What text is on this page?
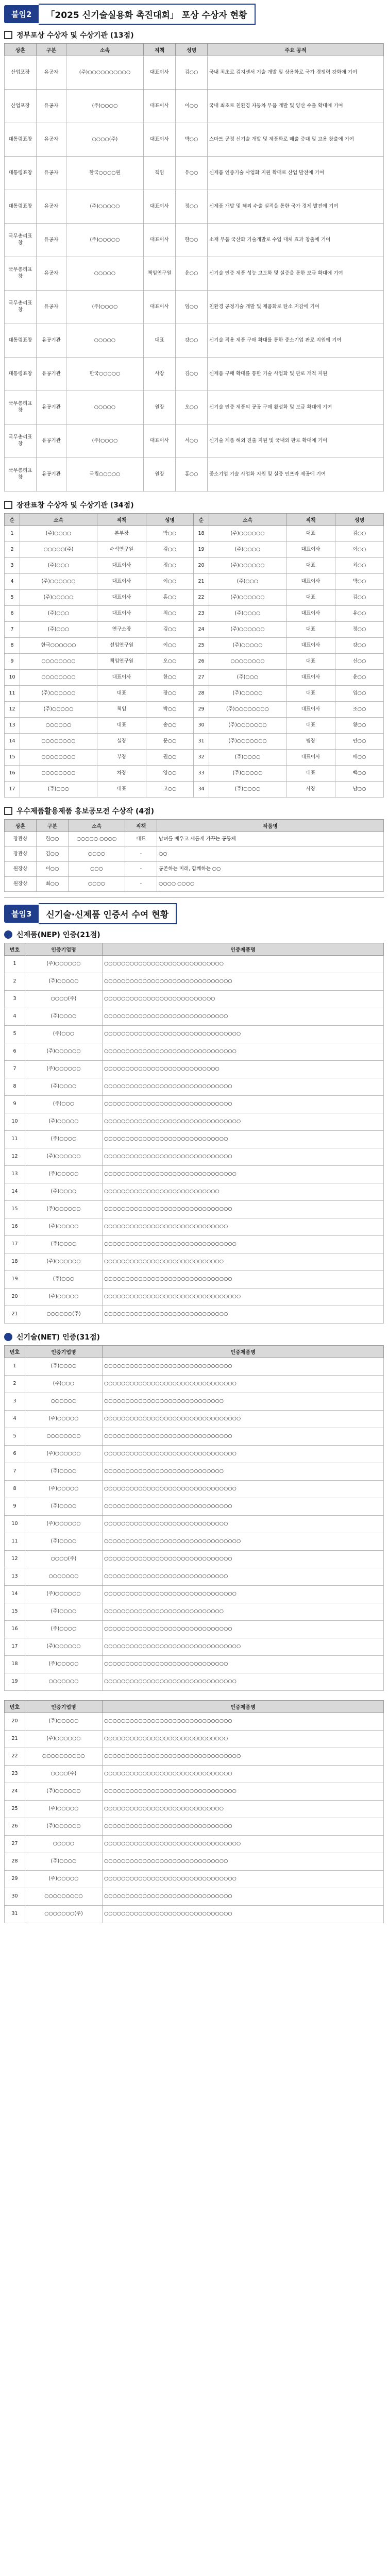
붙임2	「2025 신기술실용화 촉진대회」 포상 수상자 현황
정부포상 수상자 및 수상기관 (13점)
상훈	구분	소속	직책	성명	주요 공적
산업포장	유공자	(주)○○○○○○○○○○	대표이사	김○○	국내 최초로 검지센서 기술 개발 및 상용화로 국가 경쟁력 강화에 기여
산업포장	유공자	(주)○○○○	대표이사	이○○	국내 최초로 친환경 자동차 부품 개발 및 양산 수출 확대에 기여
대통령표창	유공자	○○○○(주)	대표이사	박○○	스마트 공정 신기술 개발 및 제품화로 매출 증대 및 고용 창출에 기여
대통령표창	유공자	한국○○○○원	책임	유○○	신제품 인증기술 사업화 지원 확대로 산업 발전에 기여
대통령표창	유공자	(주)○○○○○	대표이사	정○○	신제품 개발 및 해외 수출 실적을 통한 국가 경제 발전에 기여
국무총리표창	유공자	(주)○○○○○	대표이사	한○○	소재 부품 국산화 기술개발로 수입 대체 효과 창출에 기여
국무총리표창	유공자	○○○○○	책임연구원	윤○○	신기술 인증 제품 성능 고도화 및 실증을 통한 보급 확대에 기여
국무총리표창	유공자	(주)○○○○	대표이사	임○○	친환경 공정기술 개발 및 제품화로 탄소 저감에 기여
대통령표창	유공기관	○○○○○	대표	강○○	신기술 적용 제품 구매 확대를 통한 중소기업 판로 지원에 기여
대통령표창	유공기관	한국○○○○○	사장	김○○	신제품 구매 확대를 통한 기술 사업화 및 판로 개척 지원
국무총리표창	유공기관	○○○○○	원장	오○○	신기술 인증 제품의 공공 구매 활성화 및 보급 확대에 기여
국무총리표창	유공기관	(주)○○○○	대표이사	서○○	신기술 제품 해외 진출 지원 및 국내외 판로 확대에 기여
국무총리표창	유공기관	국립○○○○○	원장	홍○○	중소기업 기술 사업화 지원 및 실증 인프라 제공에 기여
장관표창 수상자 및 수상기관 (34점)
순	소속	직책	성명	순	소속	직책	성명
1	(주)○○○○	본부장	박○○	18	(주)○○○○○○	대표	김○○
2	○○○○○(주)	수석연구원	김○○	19	(주)○○○○	대표이사	이○○
3	(주)○○○	대표이사	정○○	20	(주)○○○○○○	대표	최○○
4	(주)○○○○○○	대표이사	이○○	21	(주)○○○	대표이사	박○○
5	(주)○○○○○	대표이사	홍○○	22	(주)○○○○○○	대표	김○○
6	(주)○○○	대표이사	최○○	23	(주)○○○○	대표이사	유○○
7	(주)○○○	연구소장	김○○	24	(주)○○○○○○	대표	정○○
8	한국○○○○○○	선임연구원	이○○	25	(주)○○○○○	대표이사	강○○
9	○○○○○○○○	책임연구원	오○○	26	○○○○○○○○	대표	신○○
10	○○○○○○○○	대표이사	한○○	27	(주)○○○	대표이사	윤○○
11	(주)○○○○○○	대표	장○○	28	(주)○○○○○	대표	임○○
12	(주)○○○○○	책임	박○○	29	(주)○○○○○○○○	대표이사	조○○
13	○○○○○○	대표	송○○	30	(주)○○○○○○○	대표	황○○
14	○○○○○○○○	실장	문○○	31	(주)○○○○○○○	팀장	안○○
15	○○○○○○○○	부장	권○○	32	(주)○○○○	대표이사	배○○
16	○○○○○○○○	차장	양○○	33	(주)○○○○○	대표	백○○
17	(주)○○○	대표	고○○	34	(주)○○○○	사장	남○○
우수제품활용제품 홍보공모전 수상작 (4점)
상훈	구분	소속	직책	작품명
장관상	한○○	○○○○○ ○○○○	대표	남녀를 배우고 새롭게 가꾸는 공동체
장관상	김○○	○○○○	-	○○
원장상	이○○	○○○	-	공존하는 미래, 함께하는 ○○
원장상	최○○	○○○○	-	○○○○ ○○○○
붙임3	신기술·신제품 인증서 수여 현황
신제품(NEP) 인증(21점)
번호	인증기업명	인증제품명
1	(주)○○○○○○	○○○○○○○○○○○○○○○○○○○○○○○○○○○○
2	(주)○○○○○	○○○○○○○○○○○○○○○○○○○○○○○○○○○○○○
3	○○○○(주)	○○○○○○○○○○○○○○○○○○○○○○○○○○
4	(주)○○○○	○○○○○○○○○○○○○○○○○○○○○○○○○○○○○
5	(주)○○○	○○○○○○○○○○○○○○○○○○○○○○○○○○○○○○○○
6	(주)○○○○○○	○○○○○○○○○○○○○○○○○○○○○○○○○○○○○○○
7	(주)○○○○○○	○○○○○○○○○○○○○○○○○○○○○○○○○○○
8	(주)○○○○	○○○○○○○○○○○○○○○○○○○○○○○○○○○○○○
9	(주)○○○	○○○○○○○○○○○○○○○○○○○○○○○○○○○○○○
10	(주)○○○○○	○○○○○○○○○○○○○○○○○○○○○○○○○○○○○○○○
11	(주)○○○○	○○○○○○○○○○○○○○○○○○○○○○○○○○○○○
12	(주)○○○○○○	○○○○○○○○○○○○○○○○○○○○○○○○○○○○○○
13	(주)○○○○○	○○○○○○○○○○○○○○○○○○○○○○○○○○○○○○○
14	(주)○○○○	○○○○○○○○○○○○○○○○○○○○○○○○○○○
15	(주)○○○○○○	○○○○○○○○○○○○○○○○○○○○○○○○○○○○○○
16	(주)○○○○○	○○○○○○○○○○○○○○○○○○○○○○○○○○○○○
17	(주)○○○○	○○○○○○○○○○○○○○○○○○○○○○○○○○○○○○○
18	(주)○○○○○○	○○○○○○○○○○○○○○○○○○○○○○○○○○○○
19	(주)○○○	○○○○○○○○○○○○○○○○○○○○○○○○○○○○○○
20	(주)○○○○○	○○○○○○○○○○○○○○○○○○○○○○○○○○○○○○○○
21	○○○○○○(주)	○○○○○○○○○○○○○○○○○○○○○○○○○○○○○
신기술(NET) 인증(31점)
번호	인증기업명	인증제품명
1	(주)○○○○	○○○○○○○○○○○○○○○○○○○○○○○○○○○○○○
2	(주)○○○	○○○○○○○○○○○○○○○○○○○○○○○○○○○○○○○
3	○○○○○○	○○○○○○○○○○○○○○○○○○○○○○○○○○○○
4	(주)○○○○○	○○○○○○○○○○○○○○○○○○○○○○○○○○○○○○○○
5	○○○○○○○○	○○○○○○○○○○○○○○○○○○○○○○○○○○○○○○
6	(주)○○○○○○	○○○○○○○○○○○○○○○○○○○○○○○○○○○○○○○
7	(주)○○○○	○○○○○○○○○○○○○○○○○○○○○○○○○○○○
8	(주)○○○○○	○○○○○○○○○○○○○○○○○○○○○○○○○○○○○○○
9	(주)○○○○	○○○○○○○○○○○○○○○○○○○○○○○○○○○○○○
10	(주)○○○○○○	○○○○○○○○○○○○○○○○○○○○○○○○○○○○○
11	(주)○○○○	○○○○○○○○○○○○○○○○○○○○○○○○○○○○○○○○
12	○○○○(주)	○○○○○○○○○○○○○○○○○○○○○○○○○○○○○○
13	○○○○○○○	○○○○○○○○○○○○○○○○○○○○○○○○○○○○○
14	(주)○○○○○○	○○○○○○○○○○○○○○○○○○○○○○○○○○○○○○○
15	(주)○○○○	○○○○○○○○○○○○○○○○○○○○○○○○○○○○
16	(주)○○○○	○○○○○○○○○○○○○○○○○○○○○○○○○○○○○○
17	(주)○○○○○○	○○○○○○○○○○○○○○○○○○○○○○○○○○○○○○○○
18	(주)○○○○○	○○○○○○○○○○○○○○○○○○○○○○○○○○○○○
19	○○○○○○○	○○○○○○○○○○○○○○○○○○○○○○○○○○○○○○○
번호	인증기업명	인증제품명
20	(주)○○○○○	○○○○○○○○○○○○○○○○○○○○○○○○○○○○○○
21	(주)○○○○○○	○○○○○○○○○○○○○○○○○○○○○○○○○○○○○
22	○○○○○○○○○○	○○○○○○○○○○○○○○○○○○○○○○○○○○○○○○○○
23	○○○○(주)	○○○○○○○○○○○○○○○○○○○○○○○○○○○○○○
24	(주)○○○○○○	○○○○○○○○○○○○○○○○○○○○○○○○○○○○○○○
25	(주)○○○○○	○○○○○○○○○○○○○○○○○○○○○○○○○○○○
26	(주)○○○○○○	○○○○○○○○○○○○○○○○○○○○○○○○○○○○○○
27	○○○○○	○○○○○○○○○○○○○○○○○○○○○○○○○○○○○○○○
28	(주)○○○○	○○○○○○○○○○○○○○○○○○○○○○○○○○○○○
29	(주)○○○○○	○○○○○○○○○○○○○○○○○○○○○○○○○○○○○○○
30	○○○○○○○○○	○○○○○○○○○○○○○○○○○○○○○○○○○○○○○○
31	○○○○○○○(주)	○○○○○○○○○○○○○○○○○○○○○○○○○○○○○○
